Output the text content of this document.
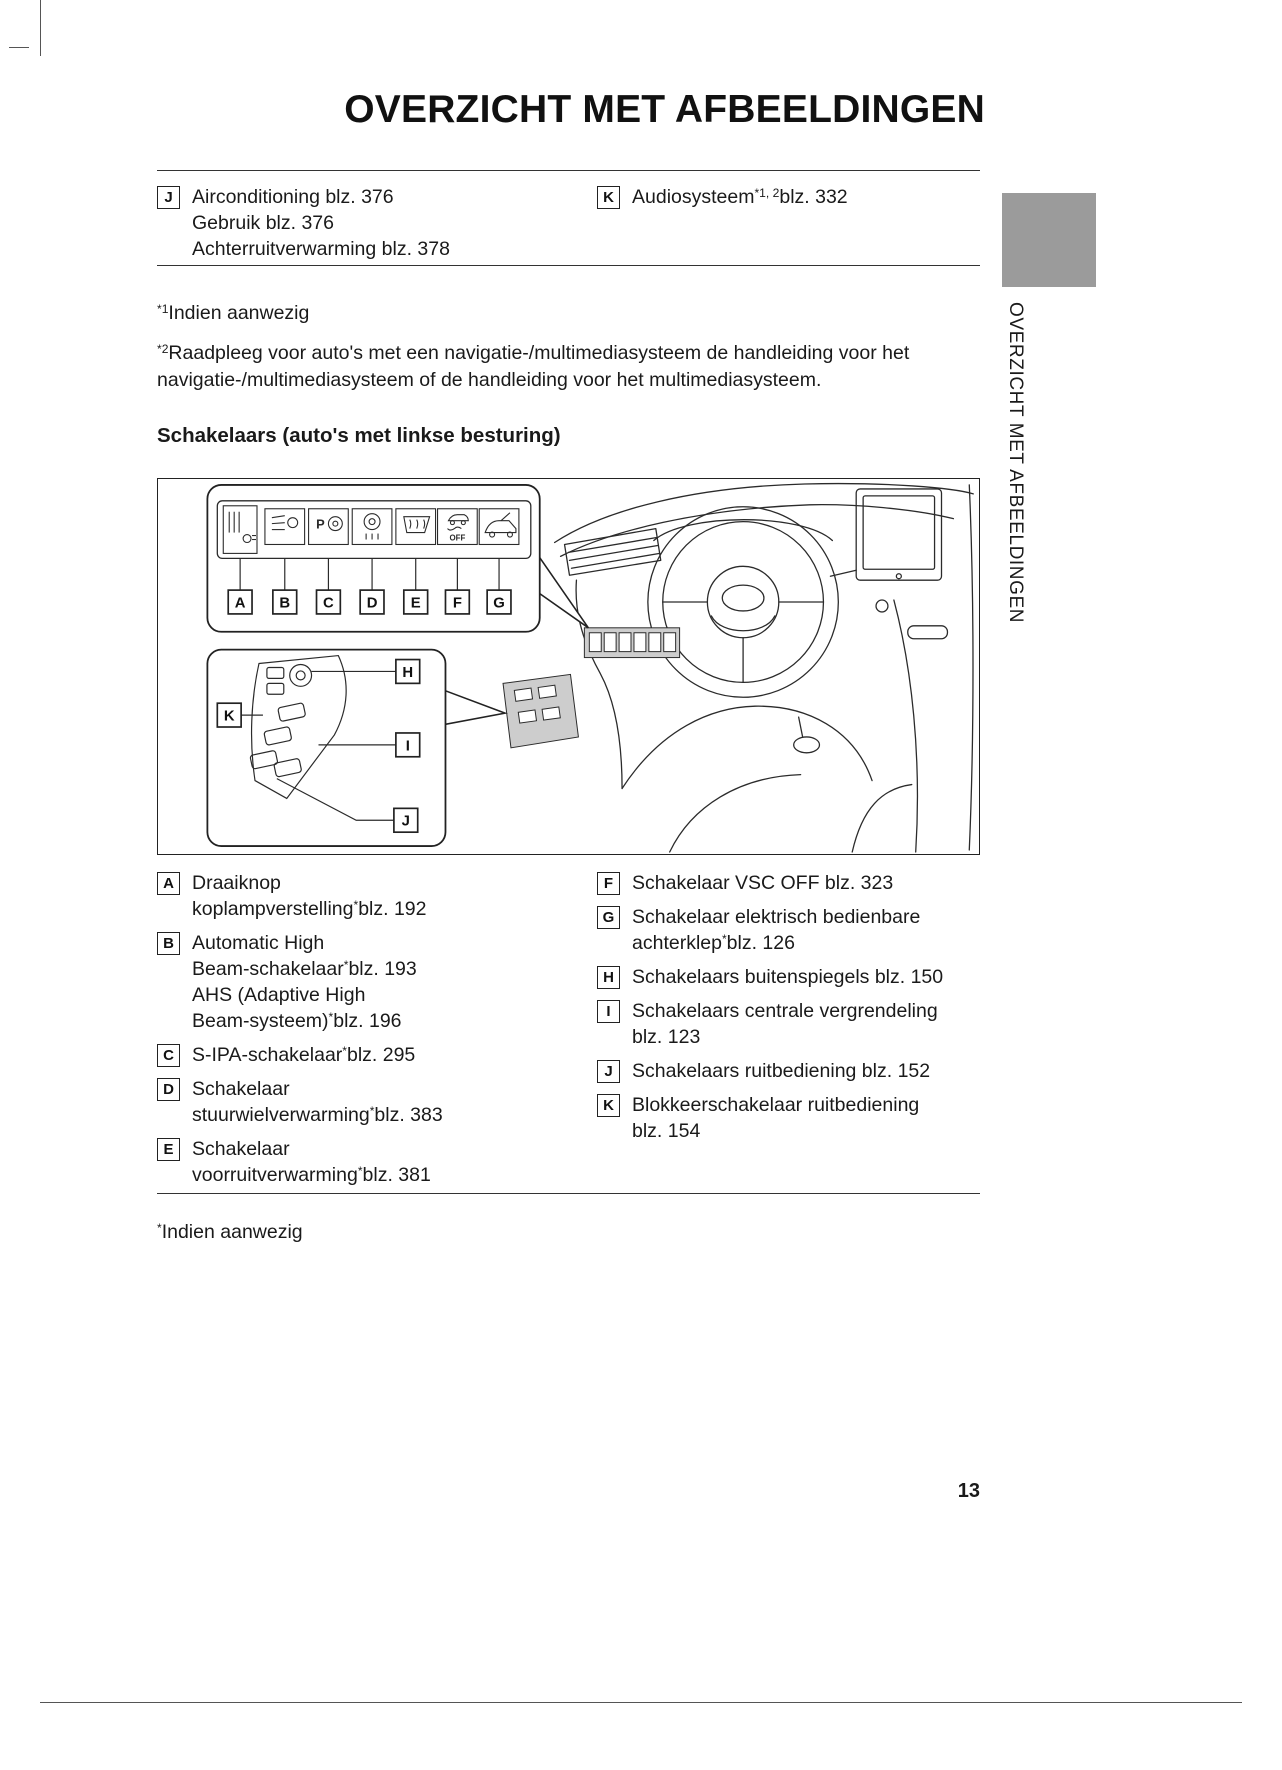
OVERZICHT MET AFBEELDINGEN
J Airconditioning blz. 376
Gebruik blz. 376
Achterruitverwarming blz. 378
K Audiosysteem$^{*1, 2}$blz. 332
$^{*1}$Indien aanwezig
$^{*2}$Raadpleeg voor auto's met een navigatie-/multimediasysteem de handleiding voor het navigatie-/multimediasysteem of de handleiding voor het multimediasysteem.
Schakelaars (auto's met linkse besturing)
P
OFF
A B C D E F G
H
K
I
J
A Draaiknop
koplampverstelling*blz. 192
B Automatic High
Beam-schakelaar*blz. 193
AHS (Adaptive High
Beam-systeem)*blz. 196
C S-IPA-schakelaar*blz. 295
D Schakelaar
stuurwielverwarming*blz. 383
E Schakelaar
voorruitverwarming*blz. 381
F Schakelaar VSC OFF blz. 323
G Schakelaar elektrisch bedienbare
achterklep*blz. 126
H Schakelaars buitenspiegels blz. 150
I	Schakelaars centrale vergrendeling
blz. 123
J Schakelaars ruitbediening blz. 152
K Blokkeerschakelaar ruitbediening
blz. 154
*Indien aanwezig
13
OVERZICHT MET AFBEELDINGEN
